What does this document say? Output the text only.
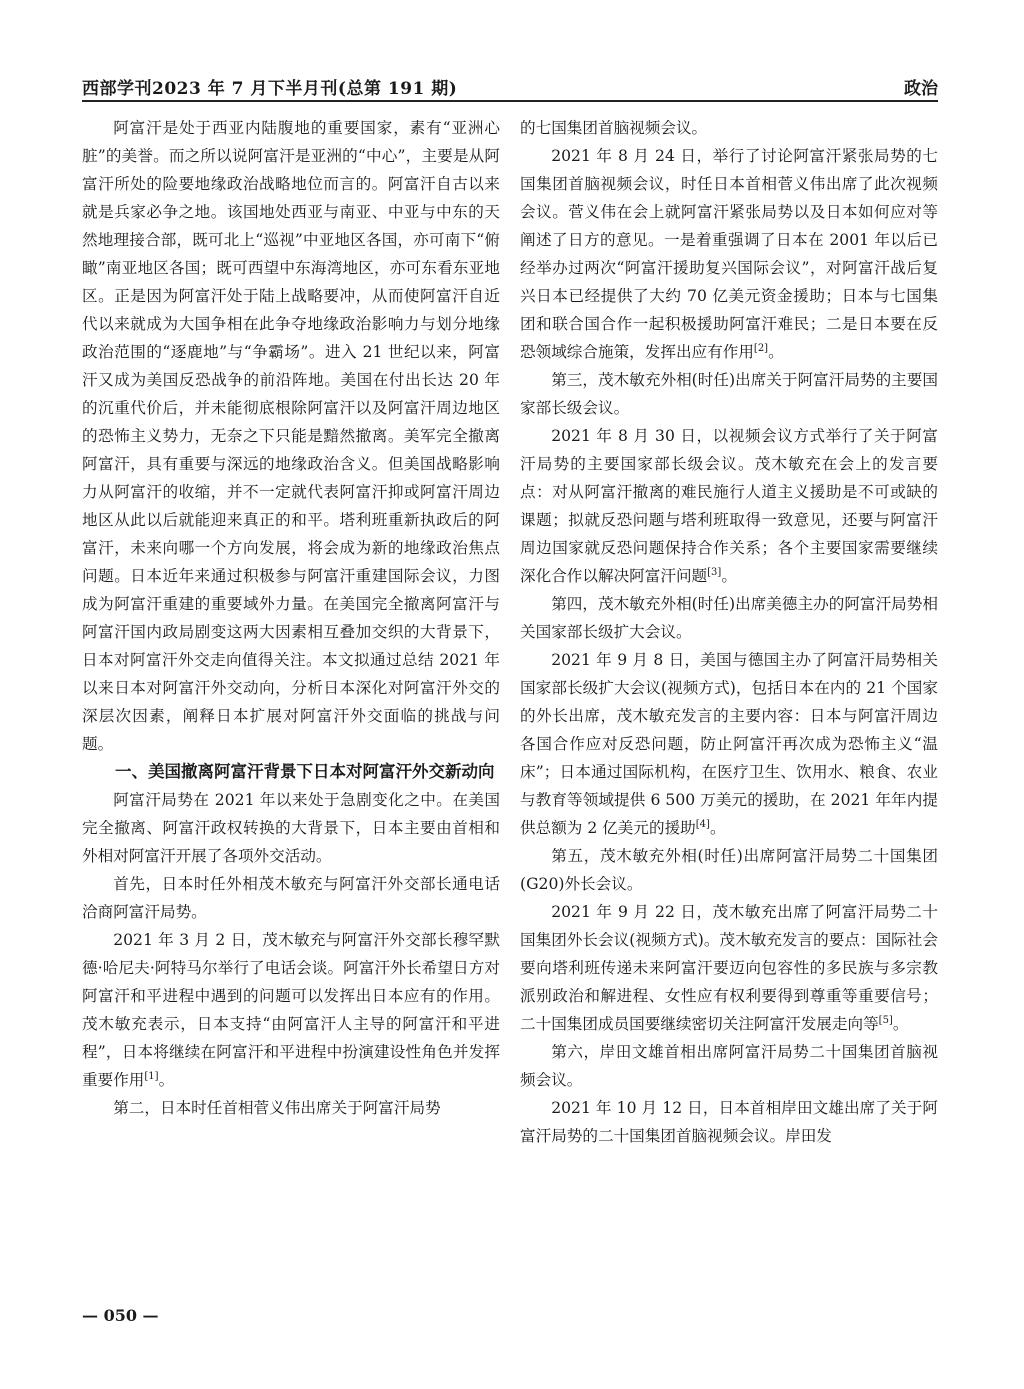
西部学刊2023 年 7 月下半月刊(总第 191 期)	政治

阿富汗是处于西亚内陆腹地的重要国家，素有“亚洲心脏”的美誉。而之所以说阿富汗是亚洲的“中心”，主要是从阿富汗所处的险要地缘政治战略地位而言的。阿富汗自古以来就是兵家必争之地。该国地处西亚与南亚、中亚与中东的天然地理接合部，既可北上“巡视”中亚地区各国，亦可南下“俯瞰”南亚地区各国；既可西望中东海湾地区，亦可东看东亚地区。正是因为阿富汗处于陆上战略要冲，从而使阿富汗自近代以来就成为大国争相在此争夺地缘政治影响力与划分地缘政治范围的“逐鹿地”与“争霸场”。进入 21 世纪以来，阿富汗又成为美国反恐战争的前沿阵地。美国在付出长达 20 年的沉重代价后，并未能彻底根除阿富汗以及阿富汗周边地区的恐怖主义势力，无奈之下只能是黯然撤离。美军完全撤离阿富汗，具有重要与深远的地缘政治含义。但美国战略影响力从阿富汗的收缩，并不一定就代表阿富汗抑或阿富汗周边地区从此以后就能迎来真正的和平。塔利班重新执政后的阿富汗，未来向哪一个方向发展，将会成为新的地缘政治焦点问题。日本近年来通过积极参与阿富汗重建国际会议，力图成为阿富汗重建的重要域外力量。在美国完全撤离阿富汗与阿富汗国内政局剧变这两大因素相互叠加交织的大背景下，日本对阿富汗外交走向值得关注。本文拟通过总结 2021 年以来日本对阿富汗外交动向，分析日本深化对阿富汗外交的深层次因素，阐释日本扩展对阿富汗外交面临的挑战与问题。

一、美国撤离阿富汗背景下日本对阿富汗外交新动向

阿富汗局势在 2021 年以来处于急剧变化之中。在美国完全撤离、阿富汗政权转换的大背景下，日本主要由首相和外相对阿富汗开展了各项外交活动。

首先，日本时任外相茂木敏充与阿富汗外交部长通电话洽商阿富汗局势。

2021 年 3 月 2 日，茂木敏充与阿富汗外交部长穆罕默德·哈尼夫·阿特马尔举行了电话会谈。阿富汗外长希望日方对阿富汗和平进程中遇到的问题可以发挥出日本应有的作用。茂木敏充表示，日本支持“由阿富汗人主导的阿富汗和平进程”，日本将继续在阿富汗和平进程中扮演建设性角色并发挥重要作用[1]。

第二，日本时任首相菅义伟出席关于阿富汗局势

的七国集团首脑视频会议。

2021 年 8 月 24 日，举行了讨论阿富汗紧张局势的七国集团首脑视频会议，时任日本首相菅义伟出席了此次视频会议。菅义伟在会上就阿富汗紧张局势以及日本如何应对等阐述了日方的意见。一是着重强调了日本在 2001 年以后已经举办过两次“阿富汗援助复兴国际会议”，对阿富汗战后复兴日本已经提供了大约 70 亿美元资金援助；日本与七国集团和联合国合作一起积极援助阿富汗难民；二是日本要在反恐领域综合施策，发挥出应有作用[2]。

第三，茂木敏充外相(时任)出席关于阿富汗局势的主要国家部长级会议。

2021 年 8 月 30 日，以视频会议方式举行了关于阿富汗局势的主要国家部长级会议。茂木敏充在会上的发言要点：对从阿富汗撤离的难民施行人道主义援助是不可或缺的课题；拟就反恐问题与塔利班取得一致意见，还要与阿富汗周边国家就反恐问题保持合作关系；各个主要国家需要继续深化合作以解决阿富汗问题[3]。

第四，茂木敏充外相(时任)出席美德主办的阿富汗局势相关国家部长级扩大会议。

2021 年 9 月 8 日，美国与德国主办了阿富汗局势相关国家部长级扩大会议(视频方式)，包括日本在内的 21 个国家的外长出席，茂木敏充发言的主要内容：日本与阿富汗周边各国合作应对反恐问题，防止阿富汗再次成为恐怖主义“温床”；日本通过国际机构，在医疗卫生、饮用水、粮食、农业与教育等领域提供 6 500 万美元的援助，在 2021 年年内提供总额为 2 亿美元的援助[4]。

第五，茂木敏充外相(时任)出席阿富汗局势二十国集团(G20)外长会议。

2021 年 9 月 22 日，茂木敏充出席了阿富汗局势二十国集团外长会议(视频方式)。茂木敏充发言的要点：国际社会要向塔利班传递未来阿富汗要迈向包容性的多民族与多宗教派别政治和解进程、女性应有权利要得到尊重等重要信号；二十国集团成员国要继续密切关注阿富汗发展走向等[5]。

第六，岸田文雄首相出席阿富汗局势二十国集团首脑视频会议。

2021 年 10 月 12 日，日本首相岸田文雄出席了关于阿富汗局势的二十国集团首脑视频会议。岸田发

— 050 —
